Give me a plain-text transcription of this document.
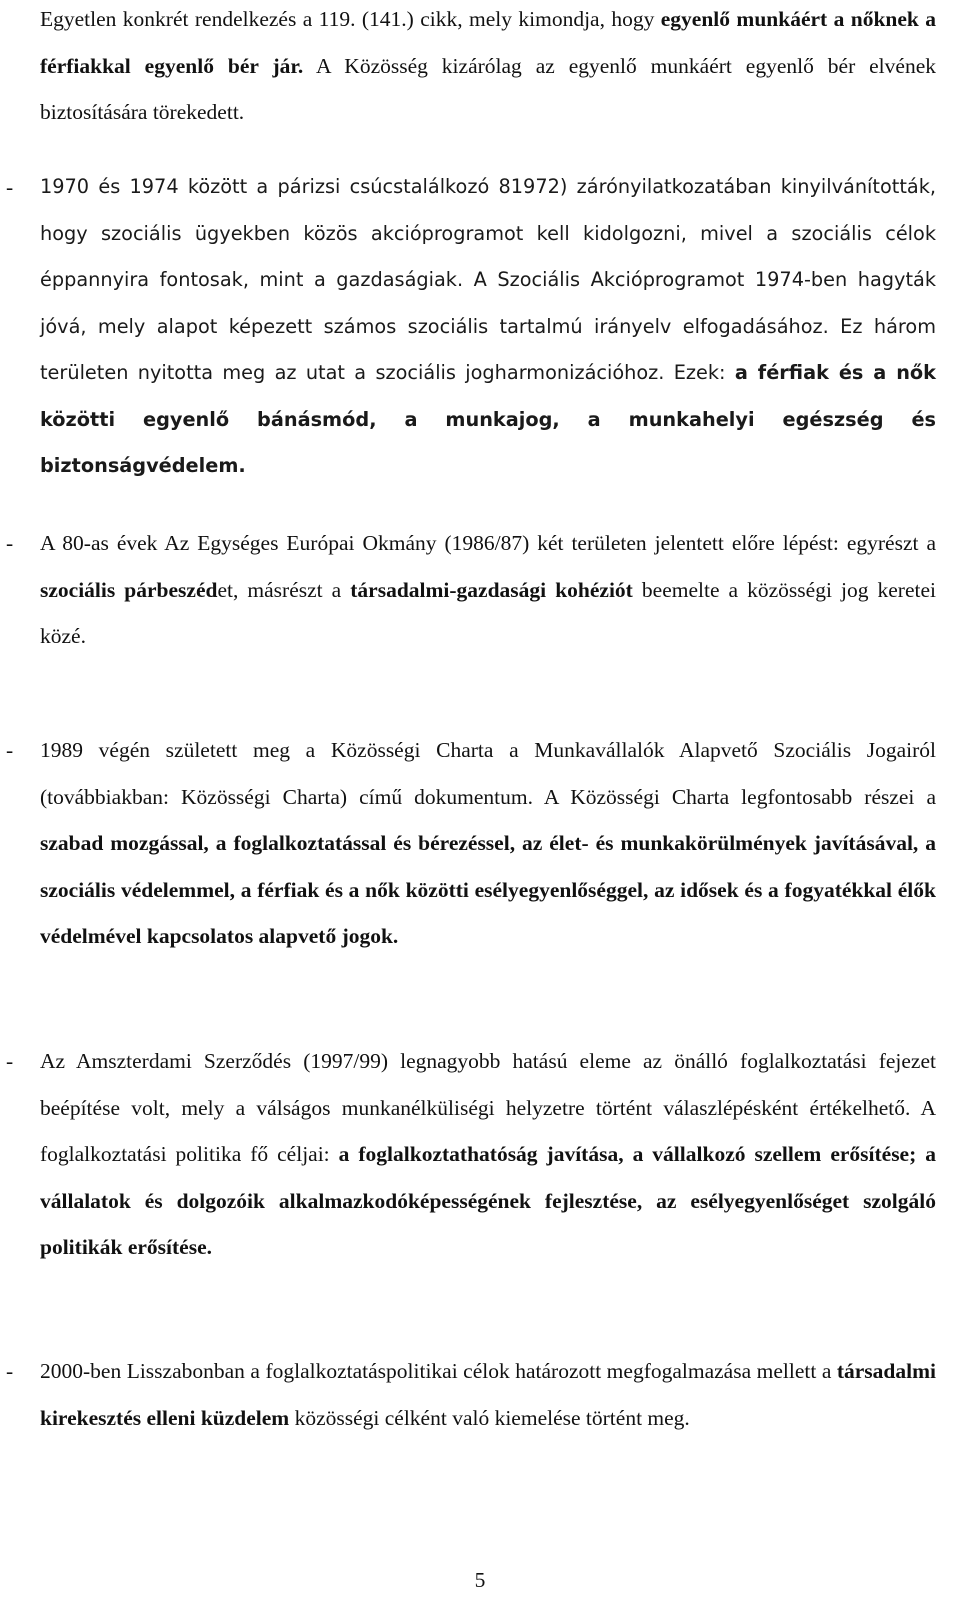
Egyetlen konkrét rendelkezés a 119. (141.) cikk, mely kimondja, hogy egyenlő munkáért a nőknek a férfiakkal egyenlő bér jár. A Közösség kizárólag az egyenlő munkáért egyenlő bér elvének biztosítására törekedett.

- 1970 és 1974 között a párizsi csúcstalálkozó 81972) zárónyilatkozatában kinyilvánították, hogy szociális ügyekben közös akcióprogramot kell kidolgozni, mivel a szociális célok éppannyira fontosak, mint a gazdaságiak. A Szociális Akcióprogramot 1974-ben hagyták jóvá, mely alapot képezett számos szociális tartalmú irányelv elfogadásához. Ez három területen nyitotta meg az utat a szociális jogharmonizációhoz. Ezek: a férfiak és a nők közötti egyenlő bánásmód, a munkajog, a munkahelyi egészség és biztonságvédelem.

- A 80-as évek Az Egységes Európai Okmány (1986/87) két területen jelentett előre lépést: egyrészt a szociális párbeszédet, másrészt a társadalmi-gazdasági kohéziót beemelte a közösségi jog keretei közé.

- 1989 végén született meg a Közösségi Charta a Munkavállalók Alapvető Szociális Jogairól (továbbiakban: Közösségi Charta) című dokumentum. A Közösségi Charta legfontosabb részei a szabad mozgással, a foglalkoztatással és bérezéssel, az élet- és munkakörülmények javításával, a szociális védelemmel, a férfiak és a nők közötti esélyegyenlőséggel, az idősek és a fogyatékkal élők védelmével kapcsolatos alapvető jogok.

- Az Amszterdami Szerződés (1997/99) legnagyobb hatású eleme az önálló foglalkoztatási fejezet beépítése volt, mely a válságos munkanélküliségi helyzetre történt válaszlépésként értékelhető. A foglalkoztatási politika fő céljai: a foglalkoztathatóság javítása, a vállalkozó szellem erősítése; a vállalatok és dolgozóik alkalmazkodóképességének fejlesztése, az esélyegyenlőséget szolgáló politikák erősítése.

- 2000-ben Lisszabonban a foglalkoztatáspolitikai célok határozott megfogalmazása mellett a társadalmi kirekesztés elleni küzdelem közösségi célként való kiemelése történt meg.

5
